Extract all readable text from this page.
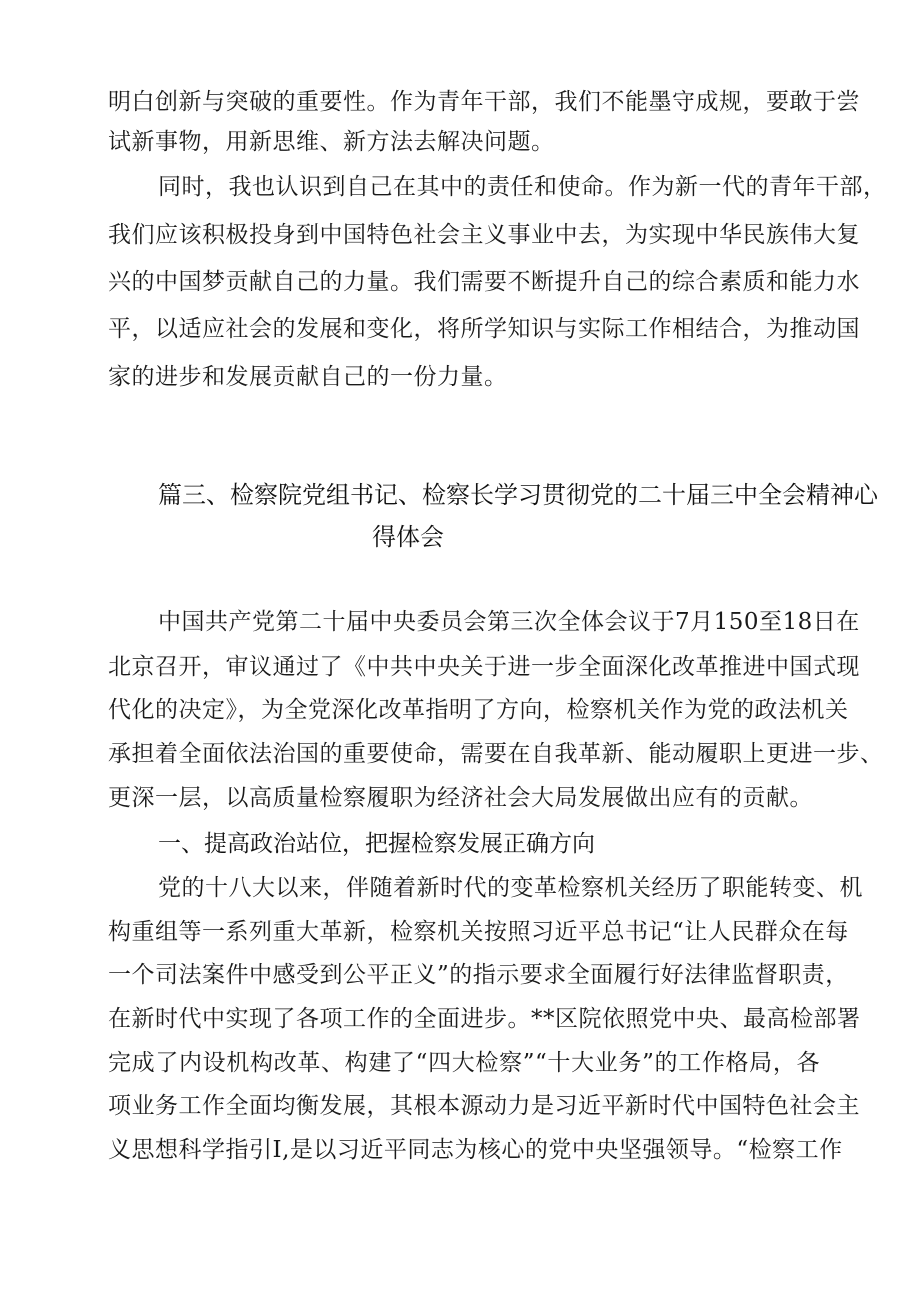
明白创新与突破的重要性。作为青年干部，我们不能墨守成规，要敢于尝
试新事物，用新思维、新方法去解决问题。
同时，我也认识到自己在其中的责任和使命。作为新一代的青年干部，
我们应该积极投身到中国特色社会主义事业中去，为实现中华民族伟大复
兴的中国梦贡献自己的力量。我们需要不断提升自己的综合素质和能力水
平，以适应社会的发展和变化，将所学知识与实际工作相结合，为推动国
家的进步和发展贡献自己的一份力量。
篇三、检察院党组书记、检察长学习贯彻党的二十届三中全会精神心
得体会
中国共产党第二十届中央委员会第三次全体会议于7月150至18日在
北京召开，审议通过了《中共中央关于进一步全面深化改革推进中国式现
代化的决定》，为全党深化改革指明了方向，检察机关作为党的政法机关
承担着全面依法治国的重要使命，需要在自我革新、能动履职上更进一步、
更深一层，以高质量检察履职为经济社会大局发展做出应有的贡献。
一、提高政治站位，把握检察发展正确方向
党的十八大以来，伴随着新时代的变革检察机关经历了职能转变、机
构重组等一系列重大革新，检察机关按照习近平总书记“让人民群众在每
一个司法案件中感受到公平正义”的指示要求全面履行好法律监督职责，
在新时代中实现了各项工作的全面进步。**区院依照党中央、最高检部署
完成了内设机构改革、构建了“四大检察”“十大业务”的工作格局，各
项业务工作全面均衡发展，其根本源动力是习近平新时代中国特色社会主
义思想科学指引I,是以习近平同志为核心的党中央坚强领导。“检察工作
